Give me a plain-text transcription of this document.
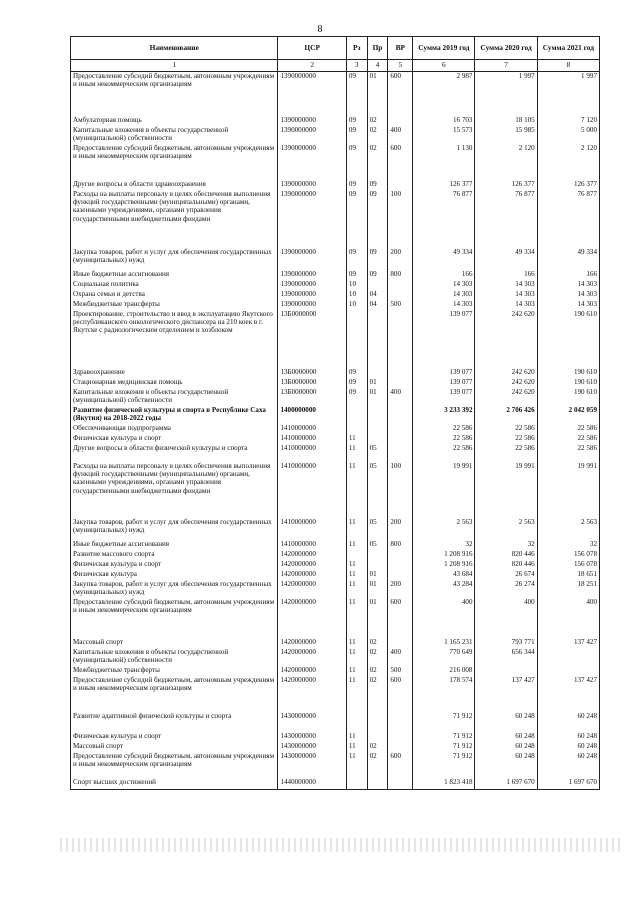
8
Наименование	ЦСР	Рз	Пр	ВР	Сумма 2019 год	Сумма 2020 год	Сумма 2021 год
1	2	3	4	5	6	7	8
Предоставление субсидий бюджетным, автономным учреждениям и иным некоммерческим организациям	1390000000	09	01	600	2 987	1 997	1 997
Амбулаторная помощь	1390000000	09	02		16 703	18 105	7 120
Капитальные вложения в объекты государственной (муниципальной) собственности	1390000000	09	02	400	15 573	15 985	5 000
Предоставление субсидий бюджетным, автономным учреждениям и иным некоммерческим организациям	1390000000	09	02	600	1 130	2 120	2 120
Другие вопросы в области здравоохранения	1390000000	09	09		126 377	126 377	126 377
Расходы на выплаты персоналу в целях обеспечения выполнения функций государственными (муниципальными) органами, казенными учреждениями, органами управления государственными внебюджетными фондами	1390000000	09	09	100	76 877	76 877	76 877
Закупка товаров, работ и услуг для обеспечения государственных (муниципальных) нужд	1390000000	09	09	200	49 334	49 334	49 334
Иные бюджетные ассигнования	1390000000	09	09	800	166	166	166
Социальная политика	1390000000	10			14 303	14 303	14 303
Охрана семьи и детства	1390000000	10	04		14 303	14 303	14 303
Межбюджетные трансферты	1390000000	10	04	500	14 303	14 303	14 303
Проектирование, строительство и ввод в эксплуатацию Якутского республиканского онкологического диспансера на 210 коек в г. Якутске с радиологическим отделением и хозблоком	13Б0000000				139 077	242 620	190 610
Здравоохранение	13Б0000000	09			139 077	242 620	190 610
Стационарная медицинская помощь	13Б0000000	09	01		139 077	242 620	190 610
Капитальные вложения в объекты государственной (муниципальной) собственности	13Б0000000	09	01	400	139 077	242 620	190 610
Развитие физической культуры и спорта в Республике Саха (Якутия) на 2018-2022 годы	1400000000				3 233 392	2 706 426	2 042 059
Обеспечивающая подпрограмма	1410000000				22 586	22 586	22 586
Физическая культура и спорт	1410000000	11			22 586	22 586	22 586
Другие вопросы в области физической культуры и спорта	1410000000	11	05		22 586	22 586	22 586
Расходы на выплаты персоналу в целях обеспечения выполнения функций государственными (муниципальными) органами, казенными учреждениями, органами управления государственными внебюджетными фондами	1410000000	11	05	100	19 991	19 991	19 991
Закупка товаров, работ и услуг для обеспечения государственных (муниципальных) нужд	1410000000	11	05	200	2 563	2 563	2 563
Иные бюджетные ассигнования	1410000000	11	05	800	32	32	32
Развитие массового спорта	1420000000				1 208 916	820 446	156 078
Физическая культура и спорт	1420000000	11			1 208 916	820 446	156 078
Физическая культура	1420000000	11	01		43 684	26 674	18 651
Закупка товаров, работ и услуг для обеспечения государственных (муниципальных) нужд	1420000000	11	01	200	43 284	26 274	18 251
Предоставление субсидий бюджетным, автономным учреждениям и иным некоммерческим организациям	1420000000	11	01	600	400	400	400
Массовый спорт	1420000000	11	02		1 165 231	793 771	137 427
Капитальные вложения в объекты государственной (муниципальной) собственности	1420000000	11	02	400	770 649	656 344	
Межбюджетные трансферты	1420000000	11	02	500	216 008		
Предоставление субсидий бюджетным, автономным учреждениям и иным некоммерческим организациям	1420000000	11	02	600	178 574	137 427	137 427
Развитие адаптивной физической культуры и спорта	1430000000				71 912	60 248	60 248
Физическая культура и спорт	1430000000	11			71 912	60 248	60 248
Массовый спорт	1430000000	11	02		71 912	60 248	60 248
Предоставление субсидий бюджетным, автономным учреждениям и иным некоммерческим организациям	1430000000	11	02	600	71 912	60 248	60 248
Спорт высших достижений	1440000000				1 823 418	1 697 670	1 697 670
